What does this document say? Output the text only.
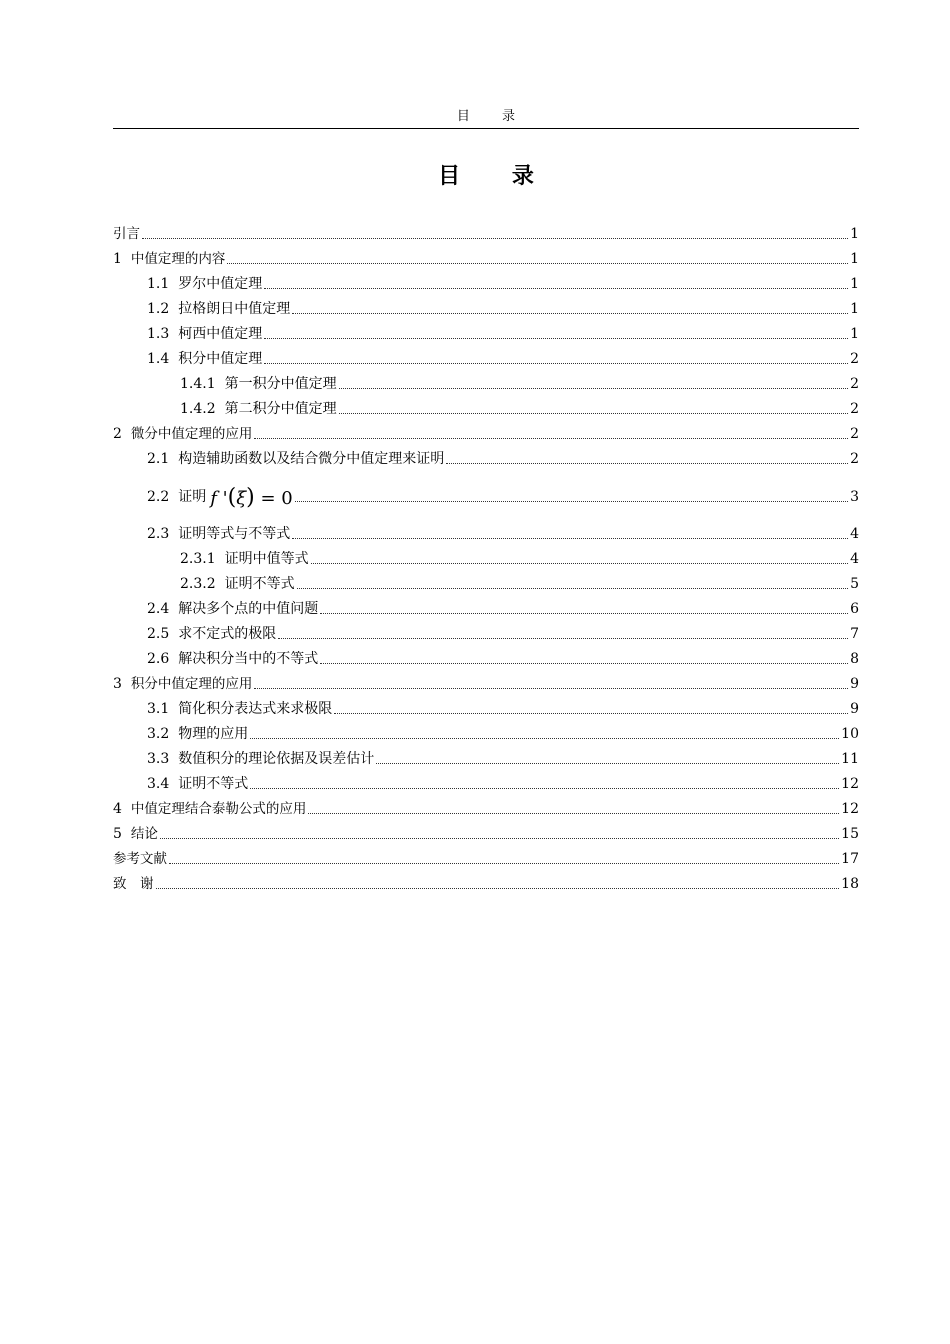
目 录
目 录
引言	1
1 中值定理的内容	1
1.1 罗尔中值定理	1
1.2 拉格朗日中值定理	1
1.3 柯西中值定理	1
1.4 积分中值定理	2
1.4.1 第一积分中值定理	2
1.4.2 第二积分中值定理	2
2 微分中值定理的应用	2
2.1 构造辅助函数以及结合微分中值定理来证明	2
2.2 证明 f '(ξ) = 0	3
2.3 证明等式与不等式	4
2.3.1 证明中值等式	4
2.3.2 证明不等式	5
2.4 解决多个点的中值问题	6
2.5 求不定式的极限	7
2.6 解决积分当中的不等式	8
3 积分中值定理的应用	9
3.1 简化积分表达式来求极限	9
3.2 物理的应用	10
3.3 数值积分的理论依据及误差估计	11
3.4 证明不等式	12
4 中值定理结合泰勒公式的应用	12
5 结论	15
参考文献	17
致　谢	18
